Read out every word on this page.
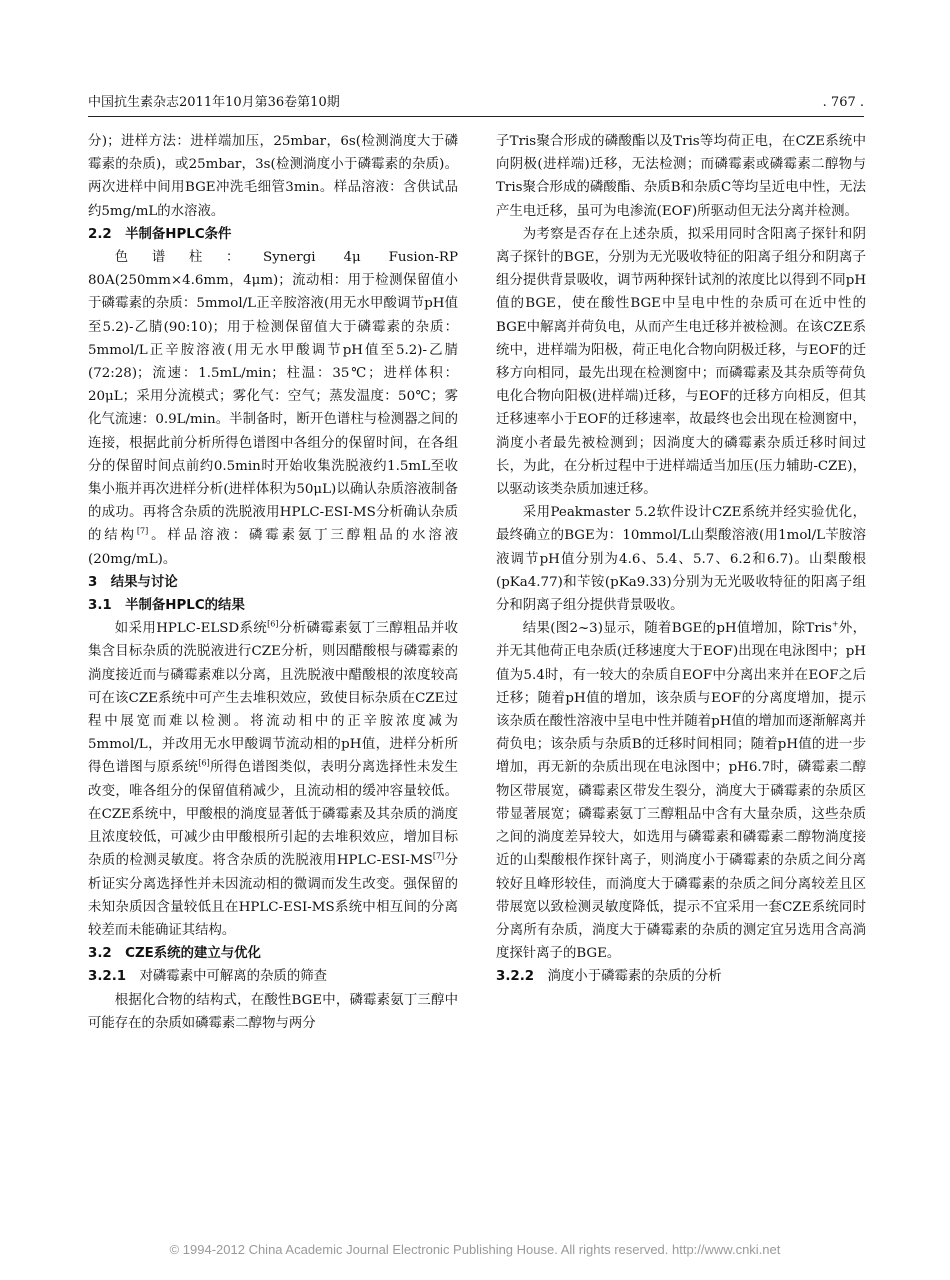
中国抗生素杂志2011年10月第36卷第10期	. 767 .

分)；进样方法：进样端加压，25mbar，6s(检测淌度大于磷霉素的杂质)，或25mbar，3s(检测淌度小于磷霉素的杂质)。两次进样中间用BGE冲洗毛细管3min。样品溶液：含供试品约5mg/mL的水溶液。

2.2　半制备HPLC条件

色谱柱：Synergi 4μ Fusion-RP 80A(250mm×4.6mm，4μm)；流动相：用于检测保留值小于磷霉素的杂质：5mmol/L正辛胺溶液(用无水甲酸调节pH值至5.2)-乙腈(90:10)；用于检测保留值大于磷霉素的杂质：5mmol/L正辛胺溶液(用无水甲酸调节pH值至5.2)-乙腈(72:28)；流速：1.5mL/min；柱温：35℃；进样体积：20μL；采用分流模式；雾化气：空气；蒸发温度：50℃；雾化气流速：0.9L/min。半制备时，断开色谱柱与检测器之间的连接，根据此前分析所得色谱图中各组分的保留时间，在各组分的保留时间点前约0.5min时开始收集洗脱液约1.5mL至收集小瓶并再次进样分析(进样体积为50μL)以确认杂质溶液制备的成功。再将含杂质的洗脱液用HPLC-ESI-MS分析确认杂质的结构[7]。样品溶液：磷霉素氨丁三醇粗品的水溶液(20mg/mL)。

3　结果与讨论
3.1　半制备HPLC的结果

如采用HPLC-ELSD系统[6]分析磷霉素氨丁三醇粗品并收集含目标杂质的洗脱液进行CZE分析，则因醋酸根与磷霉素的淌度接近而与磷霉素难以分离，且洗脱液中醋酸根的浓度较高可在该CZE系统中可产生去堆积效应，致使目标杂质在CZE过程中展宽而难以检测。将流动相中的正辛胺浓度减为5mmol/L，并改用无水甲酸调节流动相的pH值，进样分析所得色谱图与原系统[6]所得色谱图类似，表明分离选择性未发生改变，唯各组分的保留值稍减少，且流动相的缓冲容量较低。在CZE系统中，甲酸根的淌度显著低于磷霉素及其杂质的淌度且浓度较低，可减少由甲酸根所引起的去堆积效应，增加目标杂质的检测灵敏度。将含杂质的洗脱液用HPLC-ESI-MS[7]分析证实分离选择性并未因流动相的微调而发生改变。强保留的未知杂质因含量较低且在HPLC-ESI-MS系统中相互间的分离较差而未能确证其结构。

3.2　CZE系统的建立与优化
3.2.1　对磷霉素中可解离的杂质的筛查

根据化合物的结构式，在酸性BGE中，磷霉素氨丁三醇中可能存在的杂质如磷霉素二醇物与两分

子Tris聚合形成的磷酸酯以及Tris等均荷正电，在CZE系统中向阴极(进样端)迁移，无法检测；而磷霉素或磷霉素二醇物与Tris聚合形成的磷酸酯、杂质B和杂质C等均呈近电中性，无法产生电迁移，虽可为电渗流(EOF)所驱动但无法分离并检测。

为考察是否存在上述杂质，拟采用同时含阳离子探针和阴离子探针的BGE，分别为无光吸收特征的阳离子组分和阴离子组分提供背景吸收，调节两种探针试剂的浓度比以得到不同pH值的BGE，使在酸性BGE中呈电中性的杂质可在近中性的BGE中解离并荷负电，从而产生电迁移并被检测。在该CZE系统中，进样端为阳极，荷正电化合物向阴极迁移，与EOF的迁移方向相同，最先出现在检测窗中；而磷霉素及其杂质等荷负电化合物向阳极(进样端)迁移，与EOF的迁移方向相反，但其迁移速率小于EOF的迁移速率，故最终也会出现在检测窗中，淌度小者最先被检测到；因淌度大的磷霉素杂质迁移时间过长，为此，在分析过程中于进样端适当加压(压力辅助-CZE)，以驱动该类杂质加速迁移。

采用Peakmaster 5.2软件设计CZE系统并经实验优化，最终确立的BGE为：10mmol/L山梨酸溶液(用1mol/L苄胺溶液调节pH值分别为4.6、5.4、5.7、6.2和6.7)。山梨酸根(pKa4.77)和苄铵(pKa9.33)分别为无光吸收特征的阳离子组分和阴离子组分提供背景吸收。

结果(图2~3)显示，随着BGE的pH值增加，除Tris+外，并无其他荷正电杂质(迁移速度大于EOF)出现在电泳图中；pH值为5.4时，有一较大的杂质自EOF中分离出来并在EOF之后迁移；随着pH值的增加，该杂质与EOF的分离度增加，提示该杂质在酸性溶液中呈电中性并随着pH值的增加而逐渐解离并荷负电；该杂质与杂质B的迁移时间相同；随着pH值的进一步增加，再无新的杂质出现在电泳图中；pH6.7时，磷霉素二醇物区带展宽，磷霉素区带发生裂分，淌度大于磷霉素的杂质区带显著展宽；磷霉素氨丁三醇粗品中含有大量杂质，这些杂质之间的淌度差异较大，如选用与磷霉素和磷霉素二醇物淌度接近的山梨酸根作探针离子，则淌度小于磷霉素的杂质之间分离较好且峰形较佳，而淌度大于磷霉素的杂质之间分离较差且区带展宽以致检测灵敏度降低，提示不宜采用一套CZE系统同时分离所有杂质，淌度大于磷霉素的杂质的测定宜另选用含高淌度探针离子的BGE。

3.2.2　淌度小于磷霉素的杂质的分析
© 1994-2012 China Academic Journal Electronic Publishing House. All rights reserved. http://www.cnki.net
